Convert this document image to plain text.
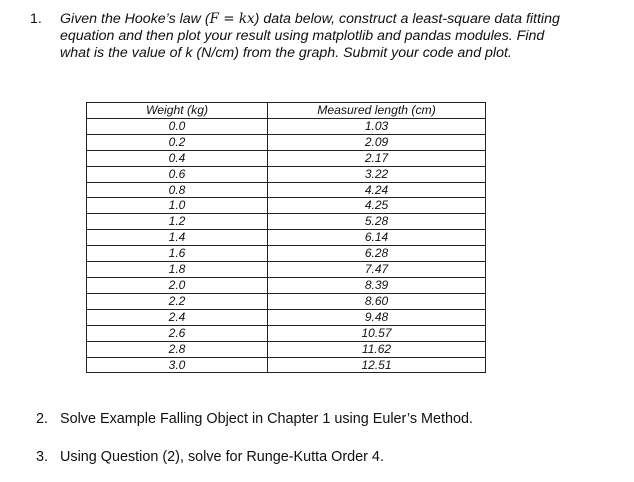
1. Given the Hooke’s law (F = kx) data below, construct a least-square data fitting
equation and then plot your result using matplotlib and pandas modules. Find
what is the value of k (N/cm) from the graph. Submit your code and plot.
Weight (kg)	Measured length (cm)
0.0	1.03
0.2	2.09
0.4	2.17
0.6	3.22
0.8	4.24
1.0	4.25
1.2	5.28
1.4	6.14
1.6	6.28
1.8	7.47
2.0	8.39
2.2	8.60
2.4	9.48
2.6	10.57
2.8	11.62
3.0	12.51
2. Solve Example Falling Object in Chapter 1 using Euler’s Method.
3. Using Question (2), solve for Runge-Kutta Order 4.
